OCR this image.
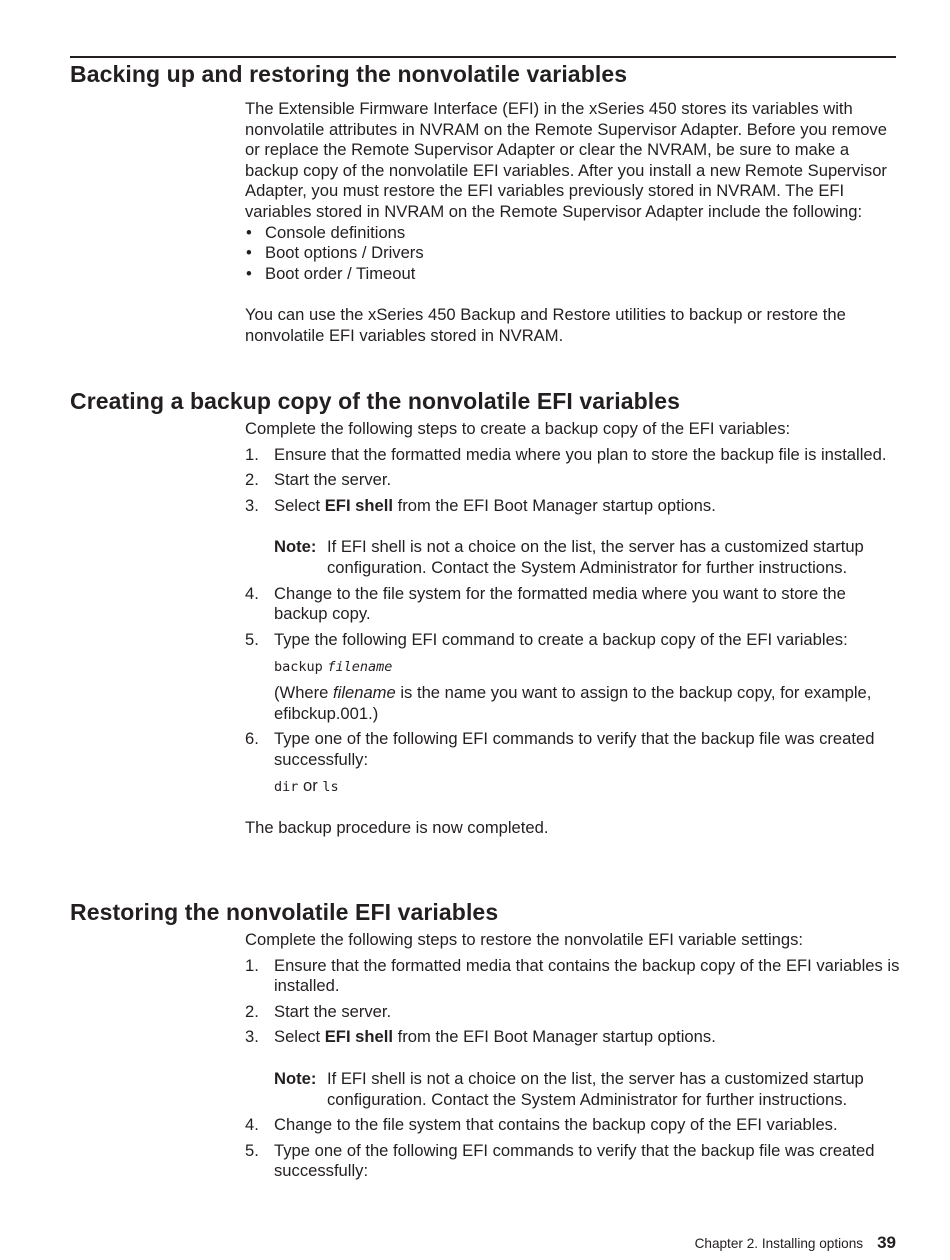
Backing up and restoring the nonvolatile variables

The Extensible Firmware Interface (EFI) in the xSeries 450 stores its variables with nonvolatile attributes in NVRAM on the Remote Supervisor Adapter. Before you remove or replace the Remote Supervisor Adapter or clear the NVRAM, be sure to make a backup copy of the nonvolatile EFI variables. After you install a new Remote Supervisor Adapter, you must restore the EFI variables previously stored in NVRAM. The EFI variables stored in NVRAM on the Remote Supervisor Adapter include the following:

• Console definitions
• Boot options / Drivers
• Boot order / Timeout

You can use the xSeries 450 Backup and Restore utilities to backup or restore the nonvolatile EFI variables stored in NVRAM.

Creating a backup copy of the nonvolatile EFI variables

Complete the following steps to create a backup copy of the EFI variables:

1. Ensure that the formatted media where you plan to store the backup file is installed.
2. Start the server.
3. Select EFI shell from the EFI Boot Manager startup options.
Note: If EFI shell is not a choice on the list, the server has a customized startup configuration. Contact the System Administrator for further instructions.
4. Change to the file system for the formatted media where you want to store the backup copy.
5. Type the following EFI command to create a backup copy of the EFI variables:
backup filename
(Where filename is the name you want to assign to the backup copy, for example, efibckup.001.)
6. Type one of the following EFI commands to verify that the backup file was created successfully:
dir or ls

The backup procedure is now completed.

Restoring the nonvolatile EFI variables

Complete the following steps to restore the nonvolatile EFI variable settings:

1. Ensure that the formatted media that contains the backup copy of the EFI variables is installed.
2. Start the server.
3. Select EFI shell from the EFI Boot Manager startup options.
Note: If EFI shell is not a choice on the list, the server has a customized startup configuration. Contact the System Administrator for further instructions.
4. Change to the file system that contains the backup copy of the EFI variables.
5. Type one of the following EFI commands to verify that the backup file was created successfully:
Chapter 2. Installing options 39
